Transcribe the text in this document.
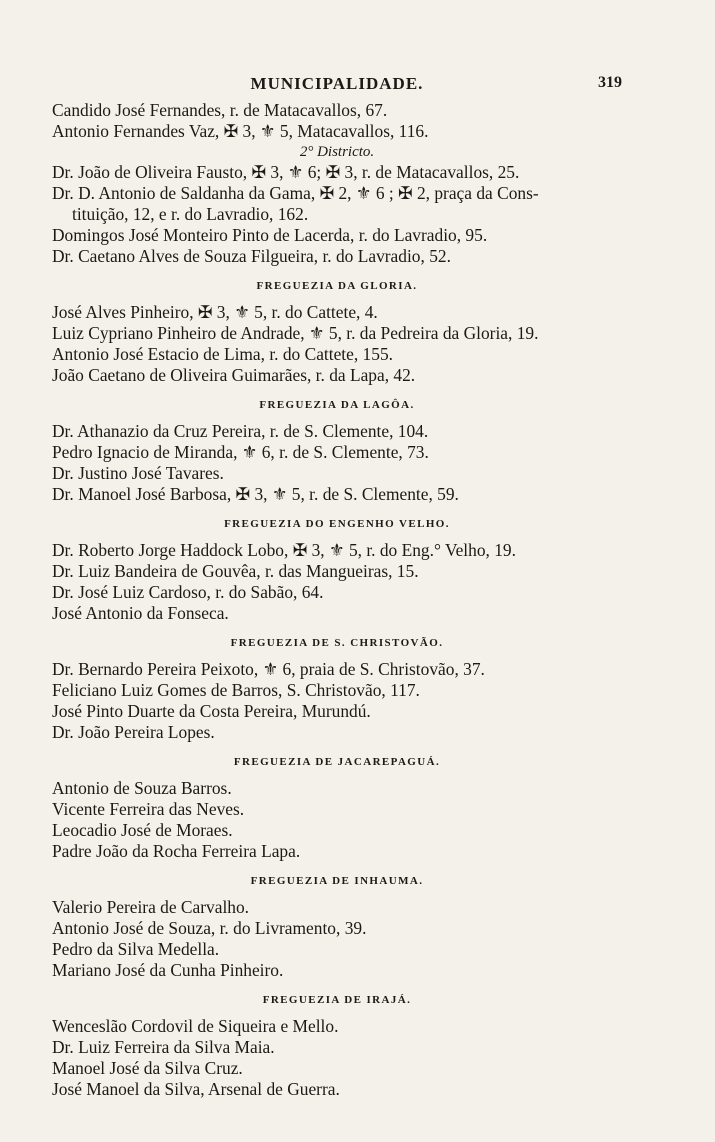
MUNICIPALIDADE.	319
Candido José Fernandes, r. de Matacavallos, 67.
Antonio Fernandes Vaz, ✠ 3, ⚜ 5, Matacavallos, 116.
2° Districto.
Dr. João de Oliveira Fausto, ✠ 3, ⚜ 6; ✠ 3, r. de Matacavallos, 25.
Dr. D. Antonio de Saldanha da Gama, ✠ 2, ⚜ 6 ; ✠ 2, praça da Cons-
tituição, 12, e r. do Lavradio, 162.
Domingos José Monteiro Pinto de Lacerda, r. do Lavradio, 95.
Dr. Caetano Alves de Souza Filgueira, r. do Lavradio, 52.
FREGUEZIA DA GLORIA.
José Alves Pinheiro, ✠ 3, ⚜ 5, r. do Cattete, 4.
Luiz Cypriano Pinheiro de Andrade, ⚜ 5, r. da Pedreira da Gloria, 19.
Antonio José Estacio de Lima, r. do Cattete, 155.
João Caetano de Oliveira Guimarães, r. da Lapa, 42.
FREGUEZIA DA LAGÔA.
Dr. Athanazio da Cruz Pereira, r. de S. Clemente, 104.
Pedro Ignacio de Miranda, ⚜ 6, r. de S. Clemente, 73.
Dr. Justino José Tavares.
Dr. Manoel José Barbosa, ✠ 3, ⚜ 5, r. de S. Clemente, 59.
FREGUEZIA DO ENGENHO VELHO.
Dr. Roberto Jorge Haddock Lobo, ✠ 3, ⚜ 5, r. do Eng.° Velho, 19.
Dr. Luiz Bandeira de Gouvêa, r. das Mangueiras, 15.
Dr. José Luiz Cardoso, r. do Sabão, 64.
José Antonio da Fonseca.
FREGUEZIA DE S. CHRISTOVÃO.
Dr. Bernardo Pereira Peixoto, ⚜ 6, praia de S. Christovão, 37.
Feliciano Luiz Gomes de Barros, S. Christovão, 117.
José Pinto Duarte da Costa Pereira, Murundú.
Dr. João Pereira Lopes.
FREGUEZIA DE JACAREPAGUÁ.
Antonio de Souza Barros.
Vicente Ferreira das Neves.
Leocadio José de Moraes.
Padre João da Rocha Ferreira Lapa.
FREGUEZIA DE INHAUMA.
Valerio Pereira de Carvalho.
Antonio José de Souza, r. do Livramento, 39.
Pedro da Silva Medella.
Mariano José da Cunha Pinheiro.
FREGUEZIA DE IRAJÁ.
Wenceslão Cordovil de Siqueira e Mello.
Dr. Luiz Ferreira da Silva Maia.
Manoel José da Silva Cruz.
José Manoel da Silva, Arsenal de Guerra.
